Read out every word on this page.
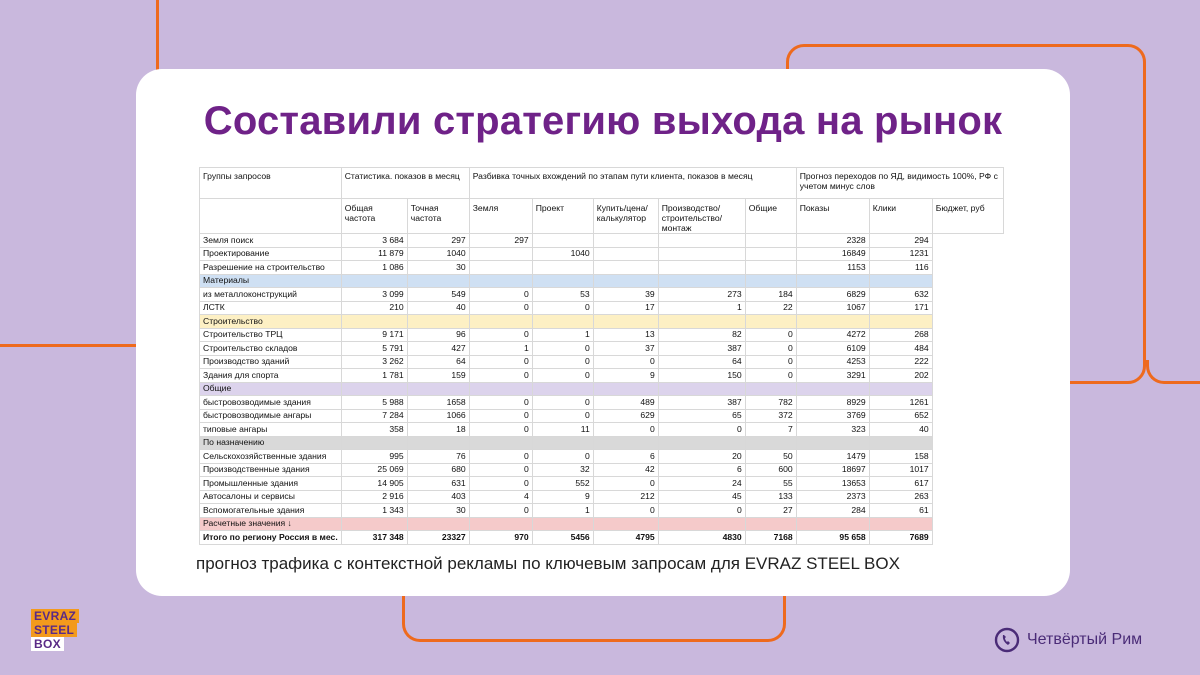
Составили стратегию выхода на рынок
Группы запросов	Статистика. показов в месяц		Разбивка точных вхождений по этапам пути клиента, показов в месяц					Прогноз переходов по ЯД, видимость 100%, РФ с учетом минус слов		
	Общая частота	Точная частота	Земля	Проект	Купить/цена/калькулятор	Производство/строительство/монтаж	Общие	Показы	Клики	Бюджет, руб
Земля поиск	3 684	297	297					2328	294	
Проектирование	11 879	1040		1040				16849	1231	
Разрешение на строительство	1 086	30						1153	116	
Материалы										
из металлоконструкций	3 099	549	0	53	39	273	184	6829	632	
ЛСТК	210	40	0	0	17	1	22	1067	171	
Строительство										
Строительство ТРЦ	9 171	96	0	1	13	82	0	4272	268	
Строительство складов	5 791	427	1	0	37	387	0	6109	484	
Производство зданий	3 262	64	0	0	0	64	0	4253	222	
Здания для спорта	1 781	159	0	0	9	150	0	3291	202	
Общие										
быстровозводимые здания	5 988	1658	0	0	489	387	782	8929	1261	
быстровозводимые ангары	7 284	1066	0	0	629	65	372	3769	652	
типовые ангары	358	18	0	11	0	0	7	323	40	
По назначению										
Сельскохозяйственные здания	995	76	0	0	6	20	50	1479	158	
Производственные здания	25 069	680	0	32	42	6	600	18697	1017	
Промышленные здания	14 905	631	0	552	0	24	55	13653	617	
Автосалоны и сервисы	2 916	403	4	9	212	45	133	2373	263	
Вспомогательные здания	1 343	30	0	1	0	0	27	284	61	
Расчетные значения ↓										
Итого по региону Россия в мес.	317 348	23327	970	5456	4795	4830	7168	95 658	7689	
прогноз трафика с контекстной рекламы по ключевым запросам для EVRAZ STEEL BOX
EVRAZ
STEEL
BOX	Четвёртый Рим
